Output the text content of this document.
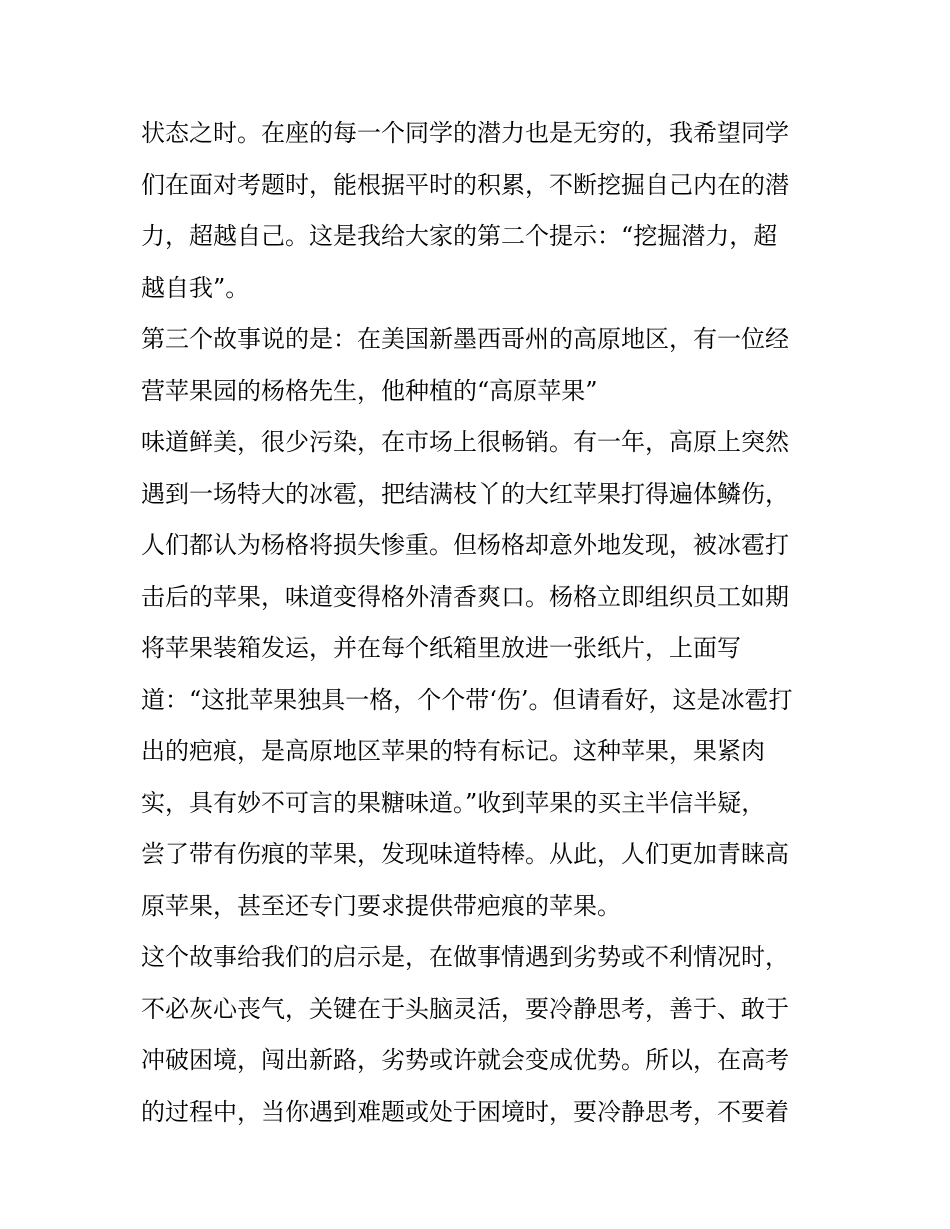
状态之时。在座的每一个同学的潜力也是无穷的，我希望同学
们在面对考题时，能根据平时的积累，不断挖掘自己内在的潜
力，超越自己。这是我给大家的第二个提示：“挖掘潜力，超
越自我”。
第三个故事说的是：在美国新墨西哥州的高原地区，有一位经
营苹果园的杨格先生，他种植的“高原苹果”
味道鲜美，很少污染，在市场上很畅销。有一年，高原上突然
遇到一场特大的冰雹，把结满枝丫的大红苹果打得遍体鳞伤，
人们都认为杨格将损失惨重。但杨格却意外地发现，被冰雹打
击后的苹果，味道变得格外清香爽口。杨格立即组织员工如期
将苹果装箱发运，并在每个纸箱里放进一张纸片，上面写
道：“这批苹果独具一格，个个带‘伤’。但请看好，这是冰雹打
出的疤痕，是高原地区苹果的特有标记。这种苹果，果紧肉
实，具有妙不可言的果糖味道。”收到苹果的买主半信半疑，
尝了带有伤痕的苹果，发现味道特棒。从此，人们更加青睐高
原苹果，甚至还专门要求提供带疤痕的苹果。
这个故事给我们的启示是，在做事情遇到劣势或不利情况时，
不必灰心丧气，关键在于头脑灵活，要冷静思考，善于、敢于
冲破困境，闯出新路，劣势或许就会变成优势。所以，在高考
的过程中，当你遇到难题或处于困境时，要冷静思考，不要着
